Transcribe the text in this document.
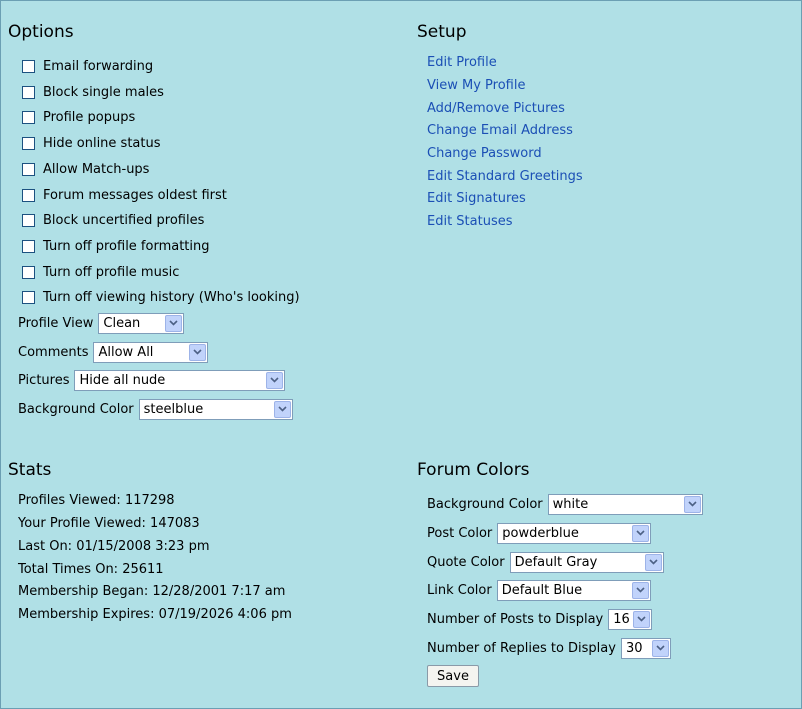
Options
Email forwarding
Block single males
Profile popups
Hide online status
Allow Match-ups
Forum messages oldest first
Block uncertified profiles
Turn off profile formatting
Turn off profile music
Turn off viewing history (Who's looking)
Profile View Clean
Comments Allow All
Pictures Hide all nude
Background Color steelblue
Setup
Edit Profile
View My Profile
Add/Remove Pictures
Change Email Address
Change Password
Edit Standard Greetings
Edit Signatures
Edit Statuses
Stats
Profiles Viewed: 117298
Your Profile Viewed: 147083
Last On: 01/15/2008 3:23 pm
Total Times On: 25611
Membership Began: 12/28/2001 7:17 am
Membership Expires: 07/19/2026 4:06 pm
Forum Colors
Background Color white
Post Color powderblue
Quote Color Default Gray
Link Color Default Blue
Number of Posts to Display 16
Number of Replies to Display 30
Save
